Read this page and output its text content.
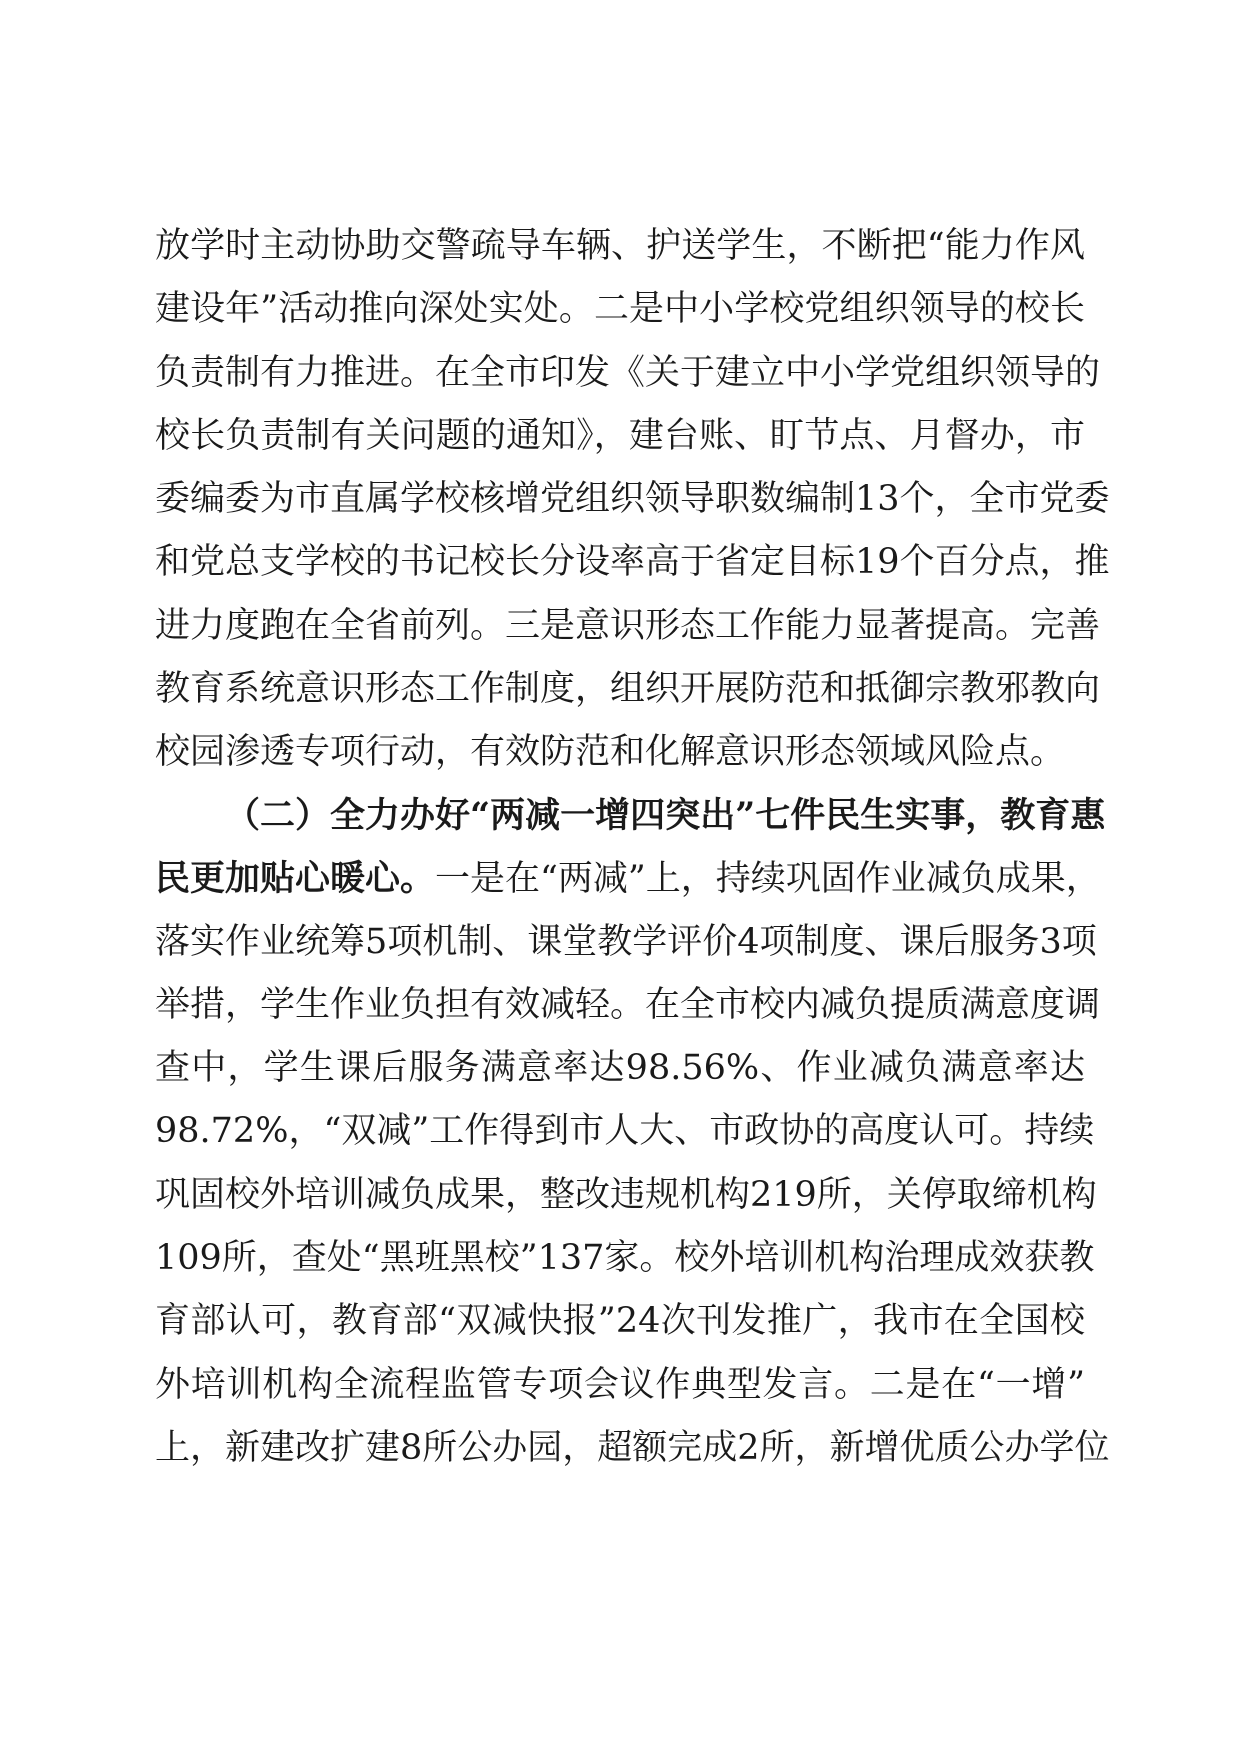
放学时主动协助交警疏导车辆、护送学生，不断把“能力作风
建设年”活动推向深处实处。二是中小学校党组织领导的校长
负责制有力推进。在全市印发《关于建立中小学党组织领导的
校长负责制有关问题的通知》，建台账、盯节点、月督办，市
委编委为市直属学校核增党组织领导职数编制13个，全市党委
和党总支学校的书记校长分设率高于省定目标19个百分点，推
进力度跑在全省前列。三是意识形态工作能力显著提高。完善
教育系统意识形态工作制度，组织开展防范和抵御宗教邪教向
校园渗透专项行动，有效防范和化解意识形态领域风险点。
（二）全力办好“两减一增四突出”七件民生实事，教育惠
民更加贴心暖心。一是在“两减”上，持续巩固作业减负成果，
落实作业统筹5项机制、课堂教学评价4项制度、课后服务3项
举措，学生作业负担有效减轻。在全市校内减负提质满意度调
查中，学生课后服务满意率达98.56%、作业减负满意率达
98.72%，“双减”工作得到市人大、市政协的高度认可。持续
巩固校外培训减负成果，整改违规机构219所，关停取缔机构
109所，查处“黑班黑校”137家。校外培训机构治理成效获教
育部认可，教育部“双减快报”24次刊发推广，我市在全国校
外培训机构全流程监管专项会议作典型发言。二是在“一增”
上，新建改扩建8所公办园，超额完成2所，新增优质公办学位
